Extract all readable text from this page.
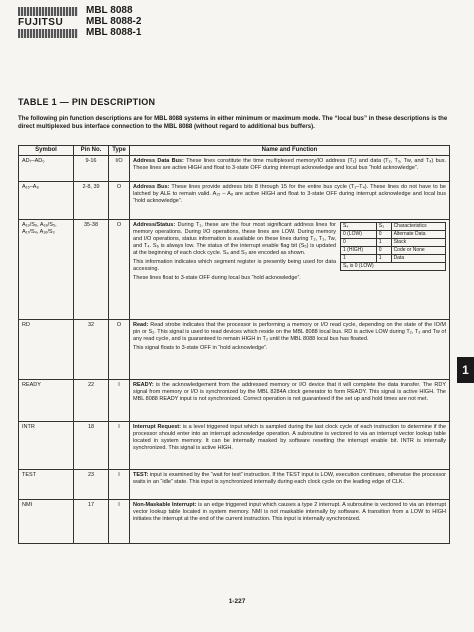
FUJITSU
MBL 8088
MBL 8088-2
MBL 8088-1
TABLE 1 — PIN DESCRIPTION
The following pin function descriptions are for MBL 8088 systems in either minimum or maximum mode. The “local bus” in these descriptions is the direct multiplexed bus interface connection to the MBL 8088 (without regard to additional bus buffers).
Symbol	Pin No.	Type	Name and Function
AD₇–AD₀	9-16	I/O	Address Data Bus: These lines constitute the time multiplexed memory/IO address (T₁) and data (T₂, T₃, Tw, and T₄) bus. These lines are active HIGH and float to 3-state OFF during interrupt acknowledge and local bus “hold acknowledge”.

A₁₅–A₈	2-8, 39	O	Address Bus: These lines provide address bits 8 through 15 for the entire bus cycle (T₁–T₄). These lines do not have to be latched by ALE to remain valid. A₁₅ – A₈ are active HIGH and float to 3-state OFF during interrupt acknowledge and local bus “hold acknowledge”.

A₁₉/S₆, A₁₈/S₅, A₁₇/S₄, A₁₆/S₃	35-38	O	Address/Status: During T₁, these are the four most significant address lines for memory operations. During I/O operations, these lines are LOW. During memory and I/O operations, status information is available on these lines during T₂, T₃, Tw, and T₄. S₆ is always low. The status of the interrupt enable flag bit (S₅) is updated at the beginning of each clock cycle. S₄ and S₃ are encoded as shown.

This information indicates which segment register is presently being used for data accessing.

These lines float to 3-state OFF during local bus “hold acknowledge”.

S₄	S₃	Characteristics
0 (LOW)	0	Alternate Data
0	1	Stack
1 (HIGH)	0	Code or None
1	1	Data
S₆ is 0 (LOW)

RD	32	O	Read: Read strobe indicates that the processor is performing a memory or I/O read cycle, depending on the state of the IO/M pin or S₂. This signal is used to read devices which reside on the MBL 8088 local bus. RD is active LOW during T₂, T₃ and Tw of any read cycle, and is guaranteed to remain HIGH in T₂ until the MBL 8088 local bus has floated.

This signal floats to 3-state OFF in “hold acknowledge”.

READY	22	I	READY: is the acknowledgement from the addressed memory or I/O device that it will complete the data transfer. The RDY signal from memory or I/O is synchronized by the MBL 8284A clock generator to form READY. This signal is active HIGH. The MBL 8088 READY input is not synchronized. Correct operation is not guaranteed if the set up and hold times are not met.

INTR	18	I	Interrupt Request: is a level triggered input which is sampled during the last clock cycle of each instruction to determine if the processor should enter into an interrupt acknowledge operation. A subroutine is vectored to via an interrupt vector lookup table located in system memory. It can be internally masked by software resetting the interrupt enable bit. INTR is internally synchronized. This signal is active HIGH.

TEST	23	I	TEST: input is examined by the “wait for test” instruction. If the TEST input is LOW, execution continues, otherwise the processor waits in an “idle” state. This input is synchronized internally during each clock cycle on the leading edge of CLK.

NMI	17	I	Non-Maskable Interrupt: is an edge triggered input which causes a type 2 interrupt. A subroutine is vectored to via an interrupt vector lookup table located in system memory. NMI is not maskable internally by software. A transition from a LOW to HIGH initiates the interrupt at the end of the current instruction. This input is internally synchronized.

1
1-227
